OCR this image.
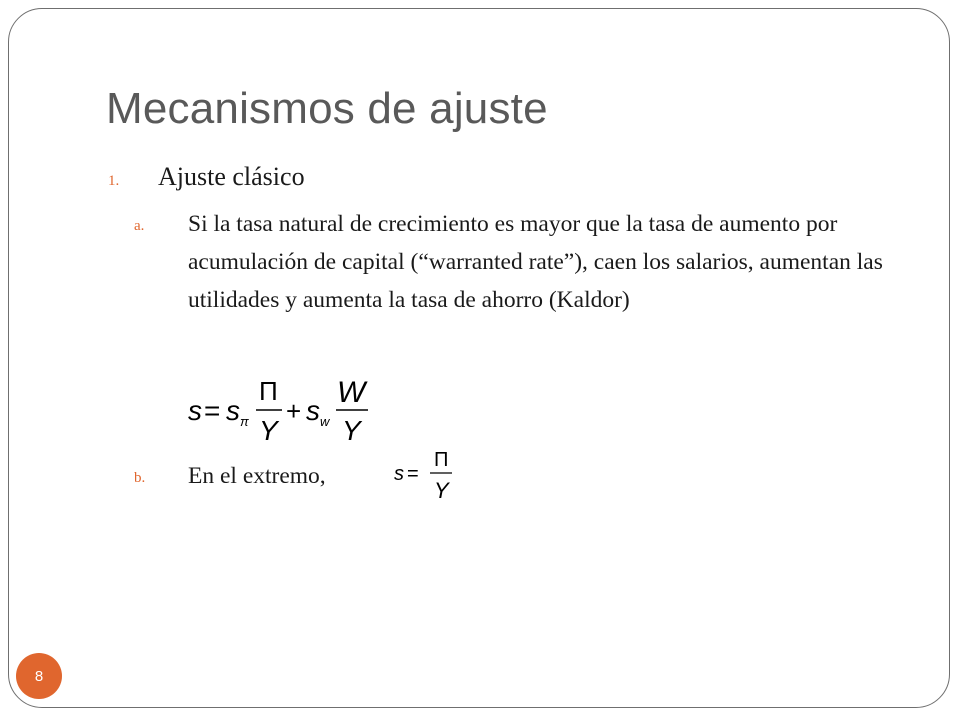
Mecanismos de ajuste
1.	Ajuste clásico
a.	Si la tasa natural de crecimiento es mayor que la tasa de aumento por acumulación de capital (“warranted rate”), caen los salarios, aumentan las utilidades y aumenta la tasa de ahorro (Kaldor)
s = s π
Π
Y
+ s w
W
Y
b.	En el extremo,	s =
Π
Y
8
